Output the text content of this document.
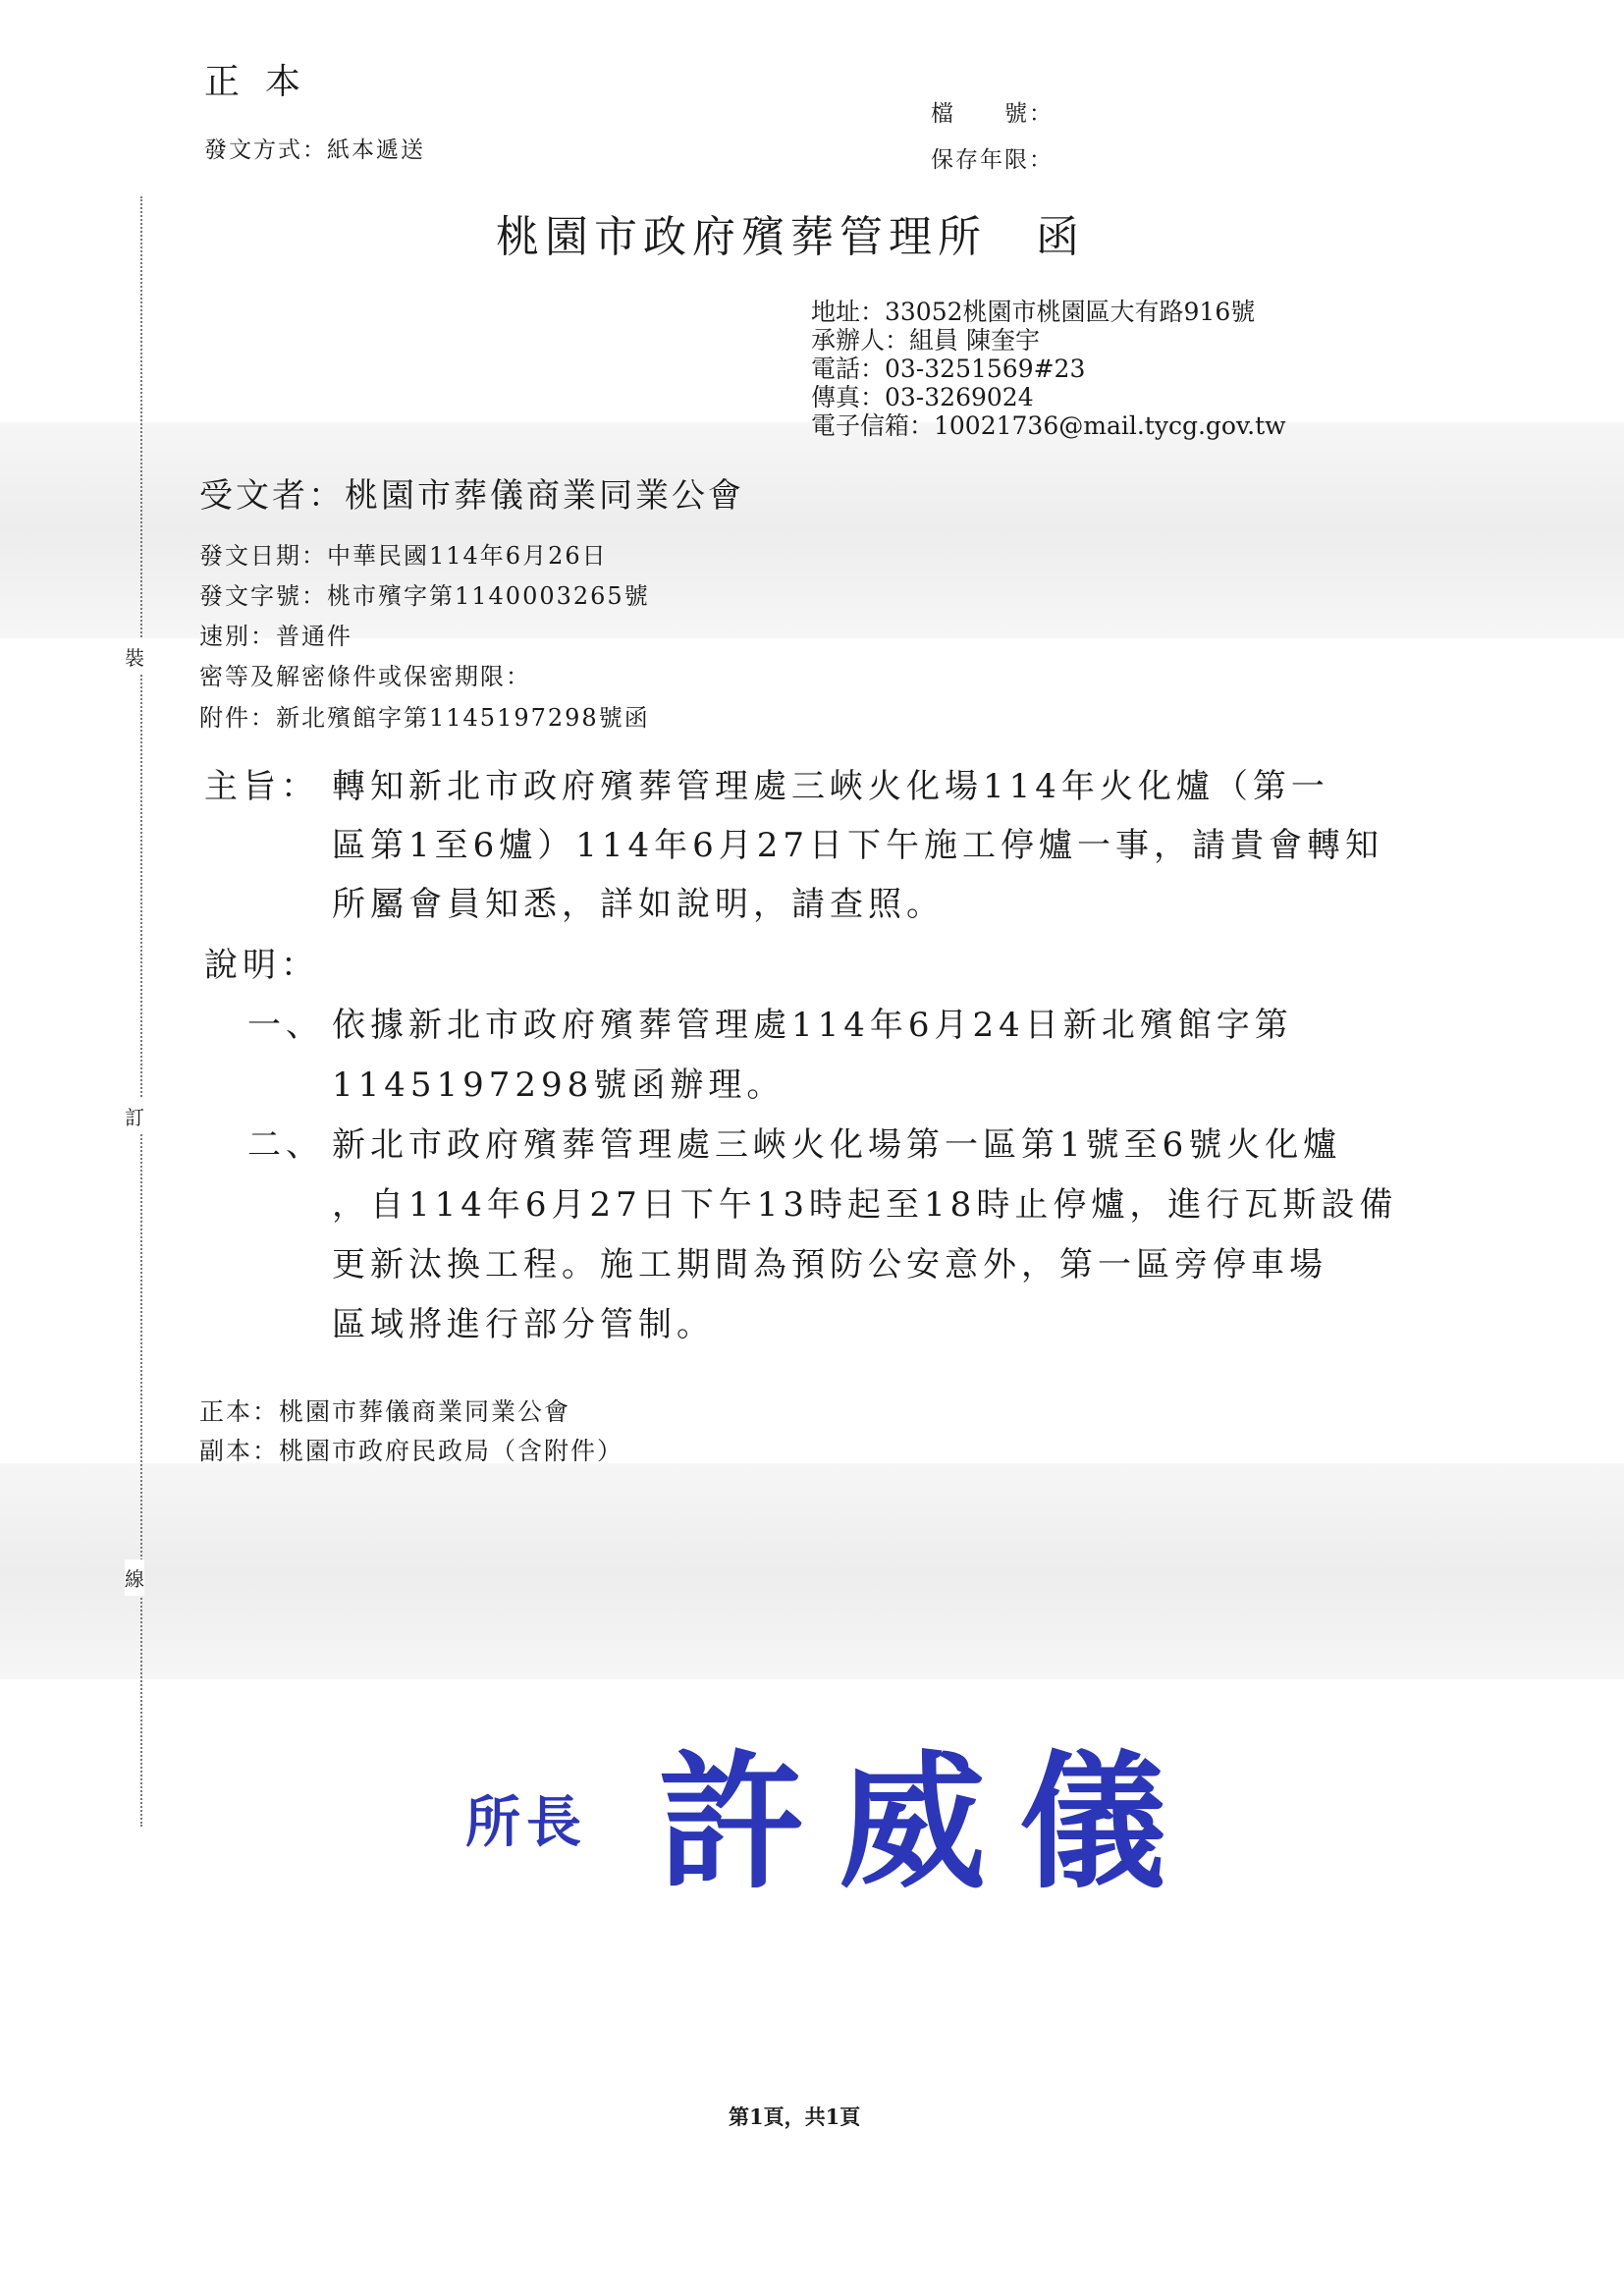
正本
發文方式：紙本遞送
檔　　號：
保存年限：
裝
訂
線
桃園市政府殯葬管理所　函
地址：33052桃園市桃園區大有路916號
承辦人：組員 陳奎宇
電話：03-3251569#23
傳真：03-3269024
電子信箱：10021736@mail.tycg.gov.tw
受文者：桃園市葬儀商業同業公會
發文日期：中華民國114年6月26日
發文字號：桃市殯字第1140003265號
速別：普通件
密等及解密條件或保密期限：
附件：新北殯館字第1145197298號函
主旨： 轉知新北市政府殯葬管理處三峽火化場114年火化爐（第一
區第1至6爐）114年6月27日下午施工停爐一事，請貴會轉知
所屬會員知悉，詳如說明，請查照。
說明：
一、 依據新北市政府殯葬管理處114年6月24日新北殯館字第
1145197298號函辦理。
二、 新北市政府殯葬管理處三峽火化場第一區第1號至6號火化爐
，自114年6月27日下午13時起至18時止停爐，進行瓦斯設備
更新汰換工程。施工期間為預防公安意外，第一區旁停車場
區域將進行部分管制。
正本：桃園市葬儀商業同業公會
副本：桃園市政府民政局（含附件）
所長 許威儀
第1頁，共1頁
